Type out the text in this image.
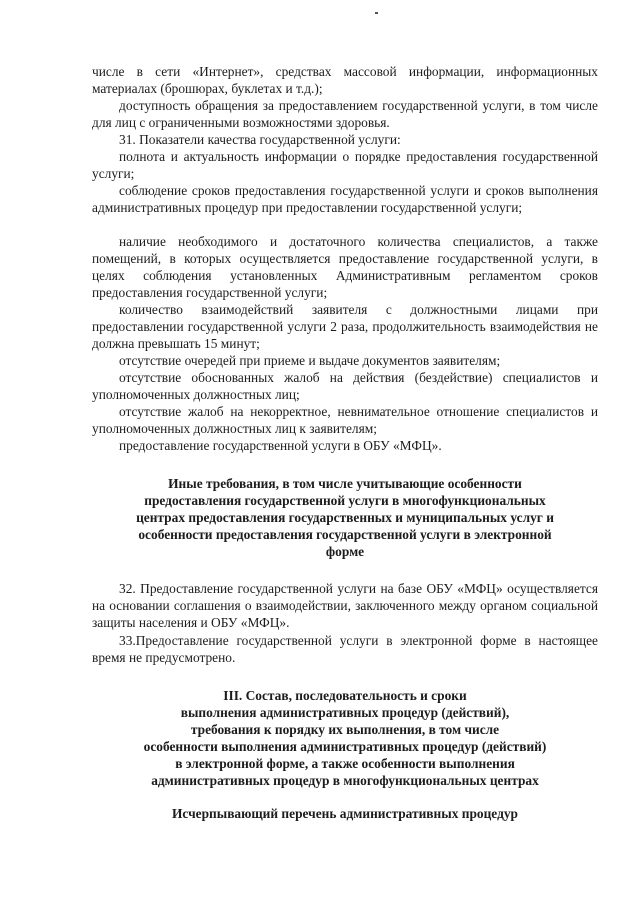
числе в сети «Интернет», средствах массовой информации, информационных материалах (брошюрах, буклетах и т.д.);

доступность обращения за предоставлением государственной услуги, в том числе для лиц с ограниченными возможностями здоровья.

31. Показатели качества государственной услуги:

полнота и актуальность информации о порядке предоставления государственной услуги;

соблюдение сроков предоставления государственной услуги и сроков выполнения административных процедур при предоставлении государственной услуги;

наличие необходимого и достаточного количества специалистов, а также помещений, в которых осуществляется предоставление государственной услуги, в целях соблюдения установленных Административным регламентом сроков предоставления государственной услуги;

количество взаимодействий заявителя с должностными лицами при предоставлении государственной услуги 2 раза, продолжительность взаимодействия не должна превышать 15 минут;

отсутствие очередей при приеме и выдаче документов заявителям;

отсутствие обоснованных жалоб на действия (бездействие) специалистов и уполномоченных должностных лиц;

отсутствие жалоб на некорректное, невнимательное отношение специалистов и уполномоченных должностных лиц к заявителям;

предоставление государственной услуги в ОБУ «МФЦ».

Иные требования, в том числе учитывающие особенности
предоставления государственной услуги в многофункциональных
центрах предоставления государственных и муниципальных услуг и
особенности предоставления государственной услуги в электронной
форме

32. Предоставление государственной услуги на базе ОБУ «МФЦ» осуществляется на основании соглашения о взаимодействии, заключенного между органом социальной защиты населения и ОБУ «МФЦ».

33.Предоставление государственной услуги в электронной форме в настоящее время не предусмотрено.

III. Состав, последовательность и сроки
выполнения административных процедур (действий),
требования к порядку их выполнения, в том числе
особенности выполнения административных процедур (действий)
в электронной форме, а также особенности выполнения
административных процедур в многофункциональных центрах
Исчерпывающий перечень административных процедур
